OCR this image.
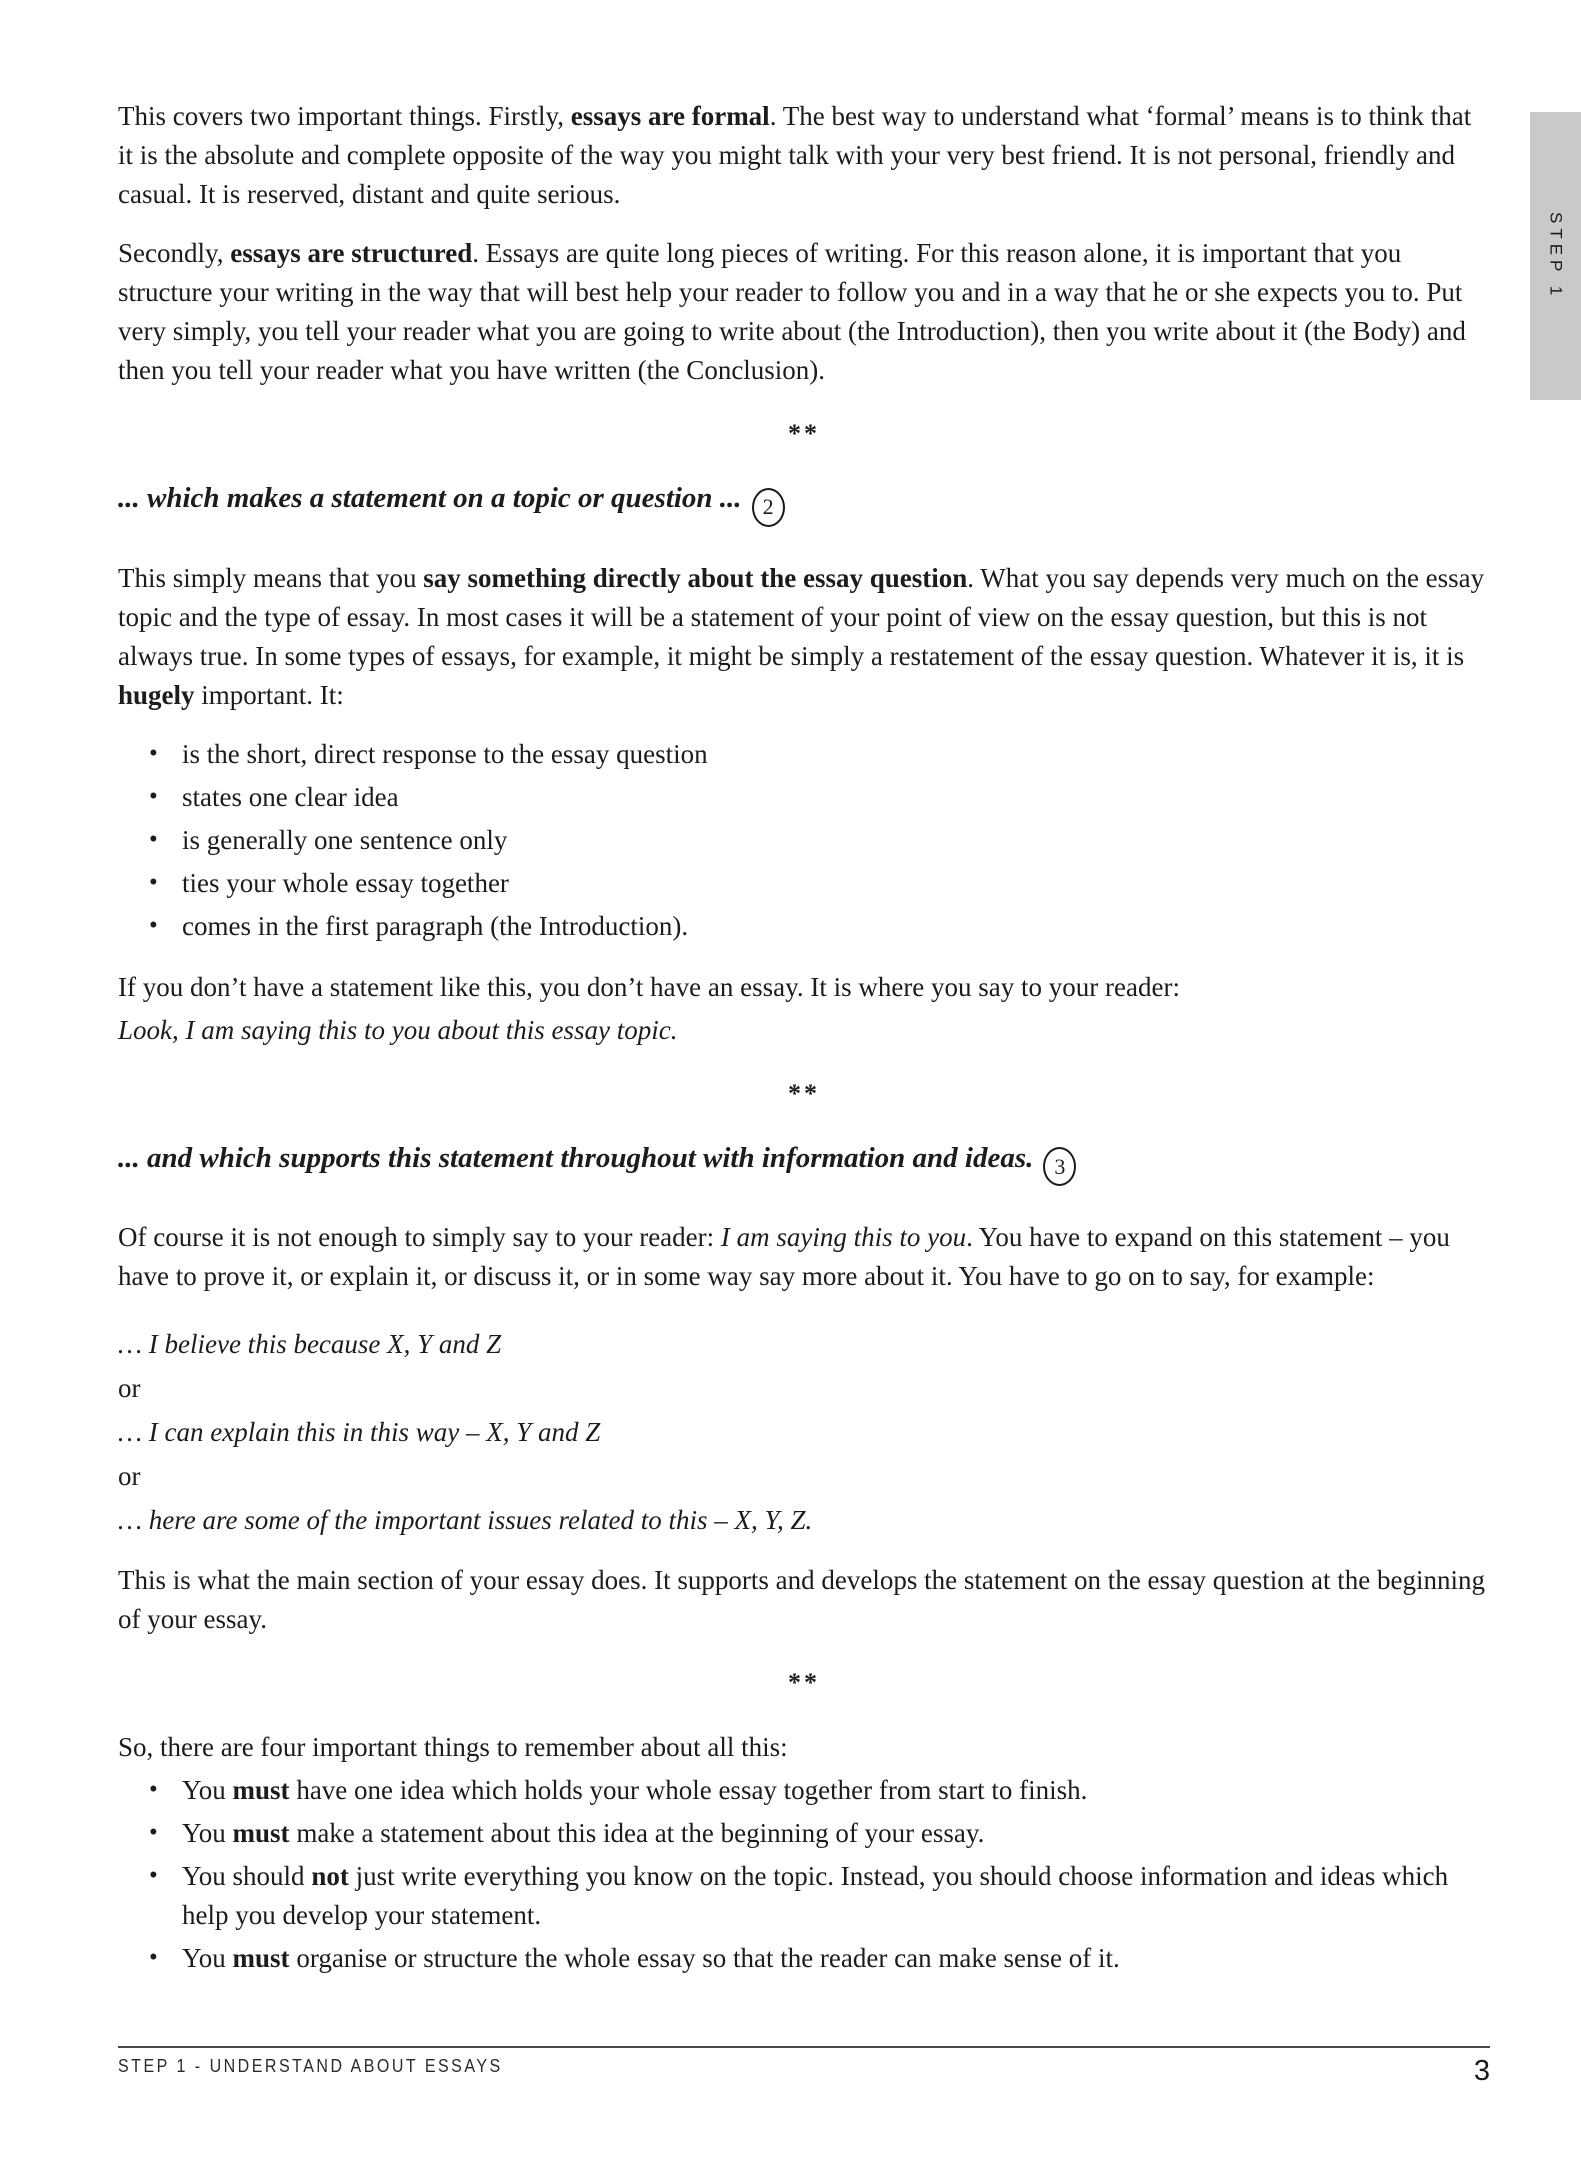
STEP 1

This covers two important things. Firstly, essays are formal. The best way to understand what ‘formal’ means is to think that it is the absolute and complete opposite of the way you might talk with your very best friend. It is not personal, friendly and casual. It is reserved, distant and quite serious.

Secondly, essays are structured. Essays are quite long pieces of writing. For this reason alone, it is important that you structure your writing in the way that will best help your reader to follow you and in a way that he or she expects you to. Put very simply, you tell your reader what you are going to write about (the Introduction), then you write about it (the Body) and then you tell your reader what you have written (the Conclusion).

**
... which makes a statement on a topic or question ... 2

This simply means that you say something directly about the essay question. What you say depends very much on the essay topic and the type of essay. In most cases it will be a statement of your point of view on the essay question, but this is not always true. In some types of essays, for example, it might be simply a restatement of the essay question. Whatever it is, it is hugely important. It:

• is the short, direct response to the essay question
• states one clear idea
• is generally one sentence only
• ties your whole essay together
• comes in the first paragraph (the Introduction).

If you don’t have a statement like this, you don’t have an essay. It is where you say to your reader:

Look, I am saying this to you about this essay topic.
**
... and which supports this statement throughout with information and ideas. 3

Of course it is not enough to simply say to your reader: I am saying this to you. You have to expand on this statement – you have to prove it, or explain it, or discuss it, or in some way say more about it. You have to go on to say, for example:

… I believe this because X, Y and Z
or
… I can explain this in this way – X, Y and Z
or
… here are some of the important issues related to this – X, Y, Z.

This is what the main section of your essay does. It supports and develops the statement on the essay question at the beginning of your essay.

**

So, there are four important things to remember about all this:

• You must have one idea which holds your whole essay together from start to finish.
• You must make a statement about this idea at the beginning of your essay.
• You should not just write everything you know on the topic. Instead, you should choose information and ideas which help you develop your statement.
• You must organise or structure the whole essay so that the reader can make sense of it.
STEP 1 - UNDERSTAND ABOUT ESSAYS	3
